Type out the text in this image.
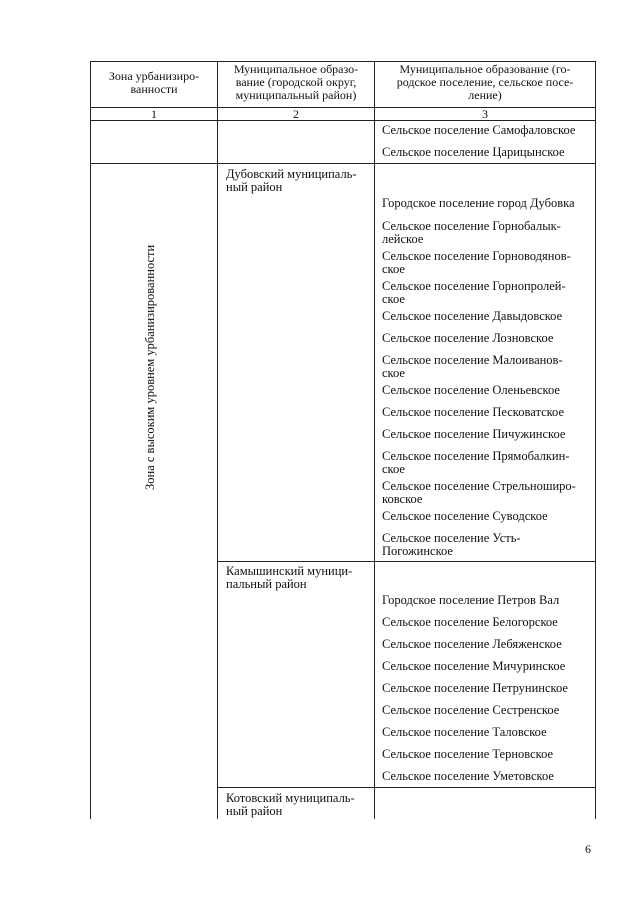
Зона урбанизиро-
ванности
Муниципальное образо-
вание (городской округ,
муниципальный район)
Муниципальное образование (го-
родское поселение, сельское посе-
ление)
1	2	3
Сельское поселение Самофаловское
Сельское поселение Царицынское
Зона с высоким уровнем урбанизированности
Дубовский муниципаль-
ный район
Камышинский муници-
пальный район
Котовский муниципаль-
ный район
Городское поселение город Дубовка
Сельское поселение Горнобалык-
лейское
Сельское поселение Горноводянов-
ское
Сельское поселение Горнопролей-
ское
Сельское поселение Давыдовское
Сельское поселение Лозновское
Сельское поселение Малоиванов-
ское
Сельское поселение Оленьевское
Сельское поселение Песковатское
Сельское поселение Пичужинское
Сельское поселение Прямобалкин-
ское
Сельское поселение Стрельноширо-
ковское
Сельское поселение Суводское
Сельское поселение Усть-
Погожинское
Городское поселение Петров Вал
Сельское поселение Белогорское
Сельское поселение Лебяженское
Сельское поселение Мичуринское
Сельское поселение Петрунинское
Сельское поселение Сестренское
Сельское поселение Таловское
Сельское поселение Терновское
Сельское поселение Уметовское
6
